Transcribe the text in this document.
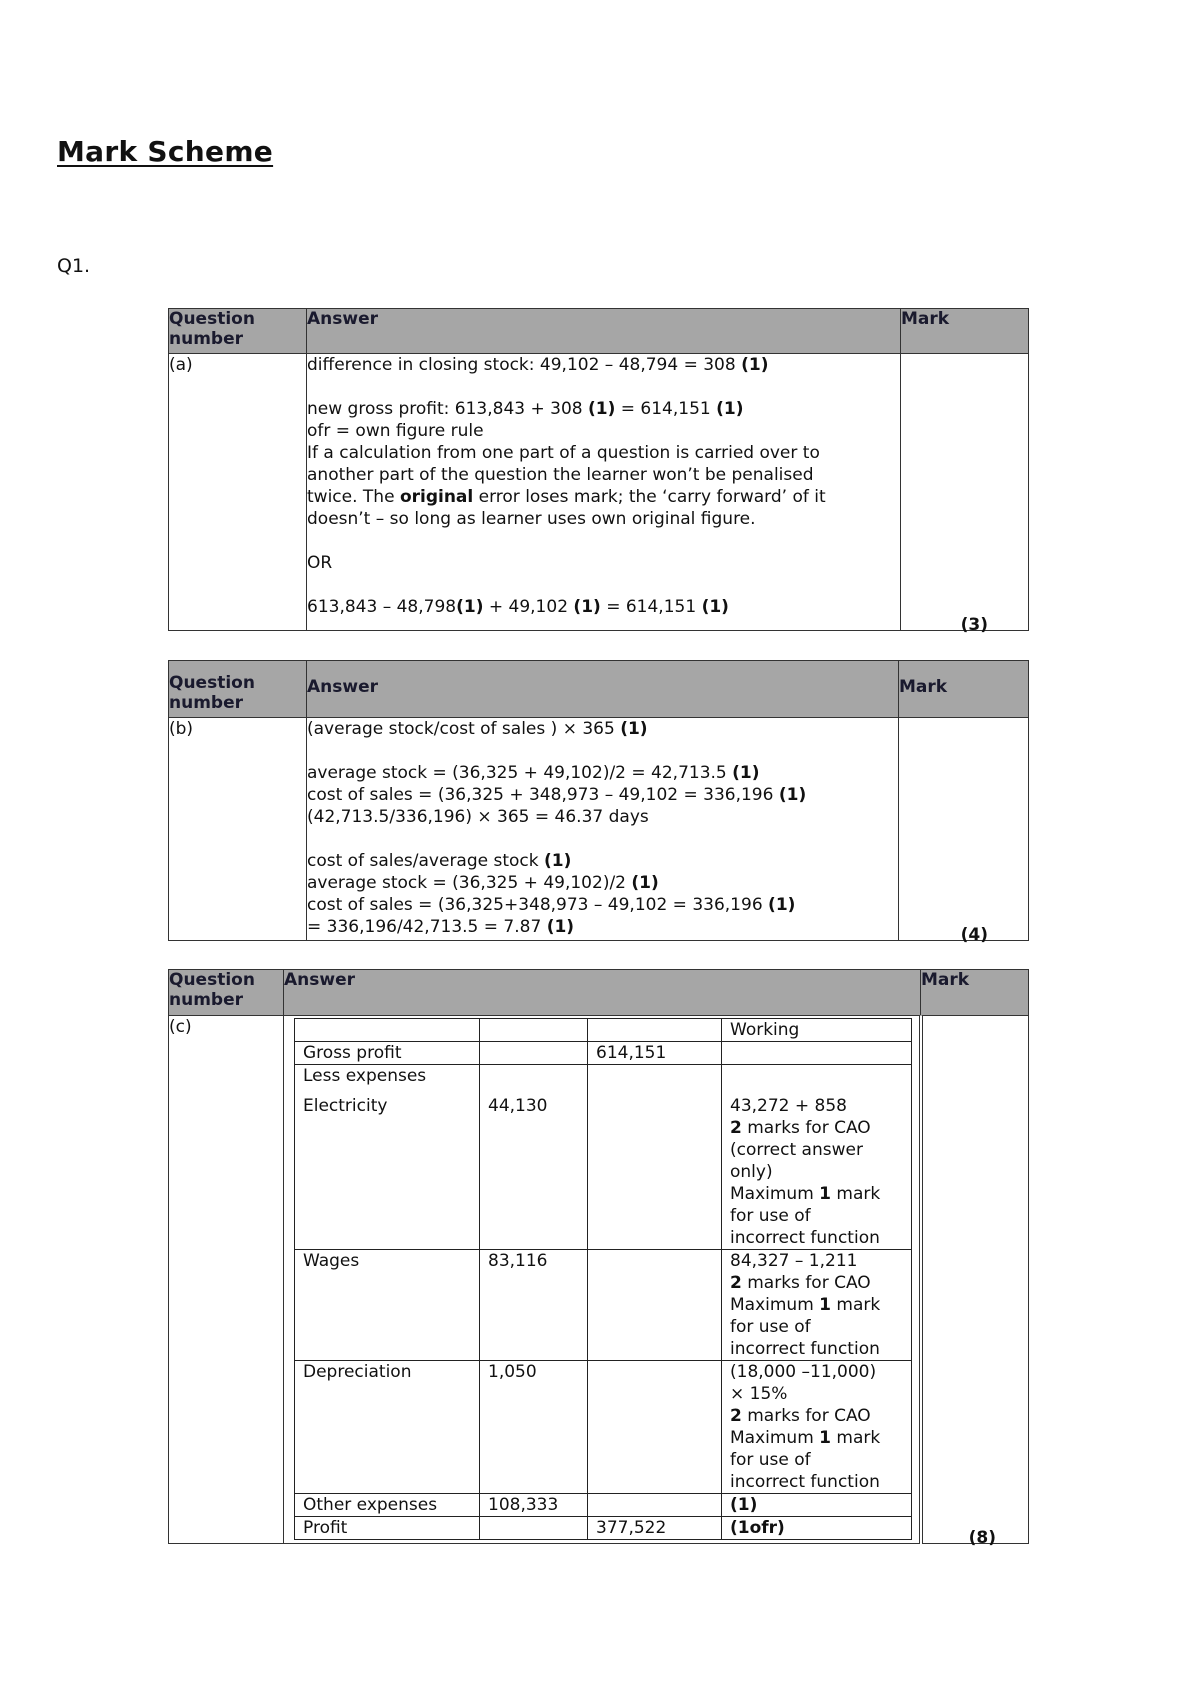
Mark Scheme
Q1.
Question
number	Answer	Mark
(a)	difference in closing stock: 49,102 – 48,794 = 308 (1)
new gross profit: 613,843 + 308 (1) = 614,151 (1)
ofr = own figure rule
If a calculation from one part of a question is carried over to
another part of the question the learner won’t be penalised
twice. The original error loses mark; the ‘carry forward’ of it
doesn’t – so long as learner uses own original figure.
OR
613,843 – 48,798(1) + 49,102 (1) = 614,151 (1)

(3)
Question
number	Answer	Mark
(b)	(average stock/cost of sales ) × 365 (1)
average stock = (36,325 + 49,102)/2 = 42,713.5 (1)
cost of sales = (36,325 + 348,973 – 49,102 = 336,196 (1)
(42,713.5/336,196) × 365 = 46.37 days
cost of sales/average stock (1)
average stock = (36,325 + 49,102)/2 (1)
cost of sales = (36,325+348,973 – 49,102 = 336,196 (1)
= 336,196/42,713.5 = 7.87 (1)	(4)
Question
number
	Answer	Mark
(c)	
				Working
Gross profit		614,151	

Less expenses
Electricity	44,130		43,272 + 858
2 marks for CAO
(correct answer
only)
Maximum 1 mark
for use of
incorrect function

Wages	83,116		84,327 – 1,211
2 marks for CAO
Maximum 1 mark
for use of
incorrect function

Depreciation	1,050		(18,000 –11,000)
× 15%
2 marks for CAO
Maximum 1 mark
for use of
incorrect function

Other expenses	108,333		(1)
Profit		377,522	(1ofr)
		(8)
